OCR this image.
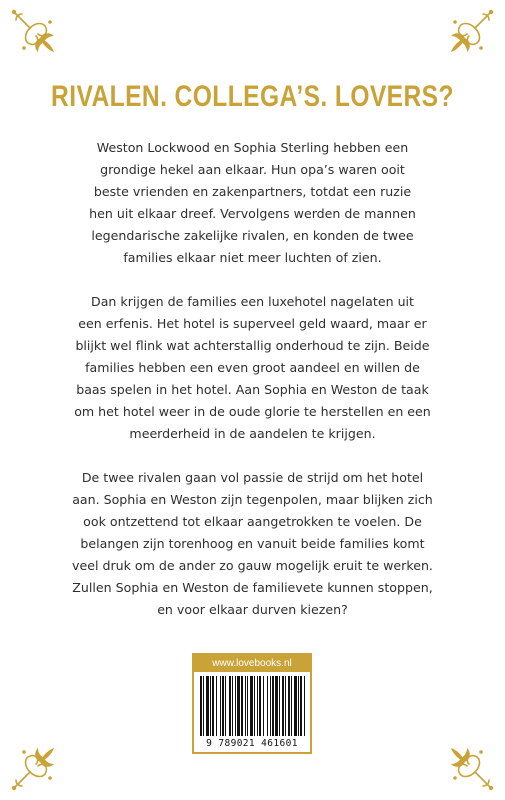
RIVALEN. COLLEGA’S. LOVERS?
Weston Lockwood en Sophia Sterling hebben een
grondige hekel aan elkaar. Hun opa’s waren ooit
beste vrienden en zakenpartners, totdat een ruzie
hen uit elkaar dreef. Vervolgens werden de mannen
legendarische zakelijke rivalen, en konden de twee
families elkaar niet meer luchten of zien.
Dan krijgen de families een luxehotel nagelaten uit
een erfenis. Het hotel is superveel geld waard, maar er
blijkt wel flink wat achterstallig onderhoud te zijn. Beide
families hebben een even groot aandeel en willen de
baas spelen in het hotel. Aan Sophia en Weston de taak
om het hotel weer in de oude glorie te herstellen en een
meerderheid in de aandelen te krijgen.
De twee rivalen gaan vol passie de strijd om het hotel
aan. Sophia en Weston zijn tegenpolen, maar blijken zich
ook ontzettend tot elkaar aangetrokken te voelen. De
belangen zijn torenhoog en vanuit beide families komt
veel druk om de ander zo gauw mogelijk eruit te werken.
Zullen Sophia en Weston de familievete kunnen stoppen,
en voor elkaar durven kiezen?
www.lovebooks.nl
9 789021 461601
